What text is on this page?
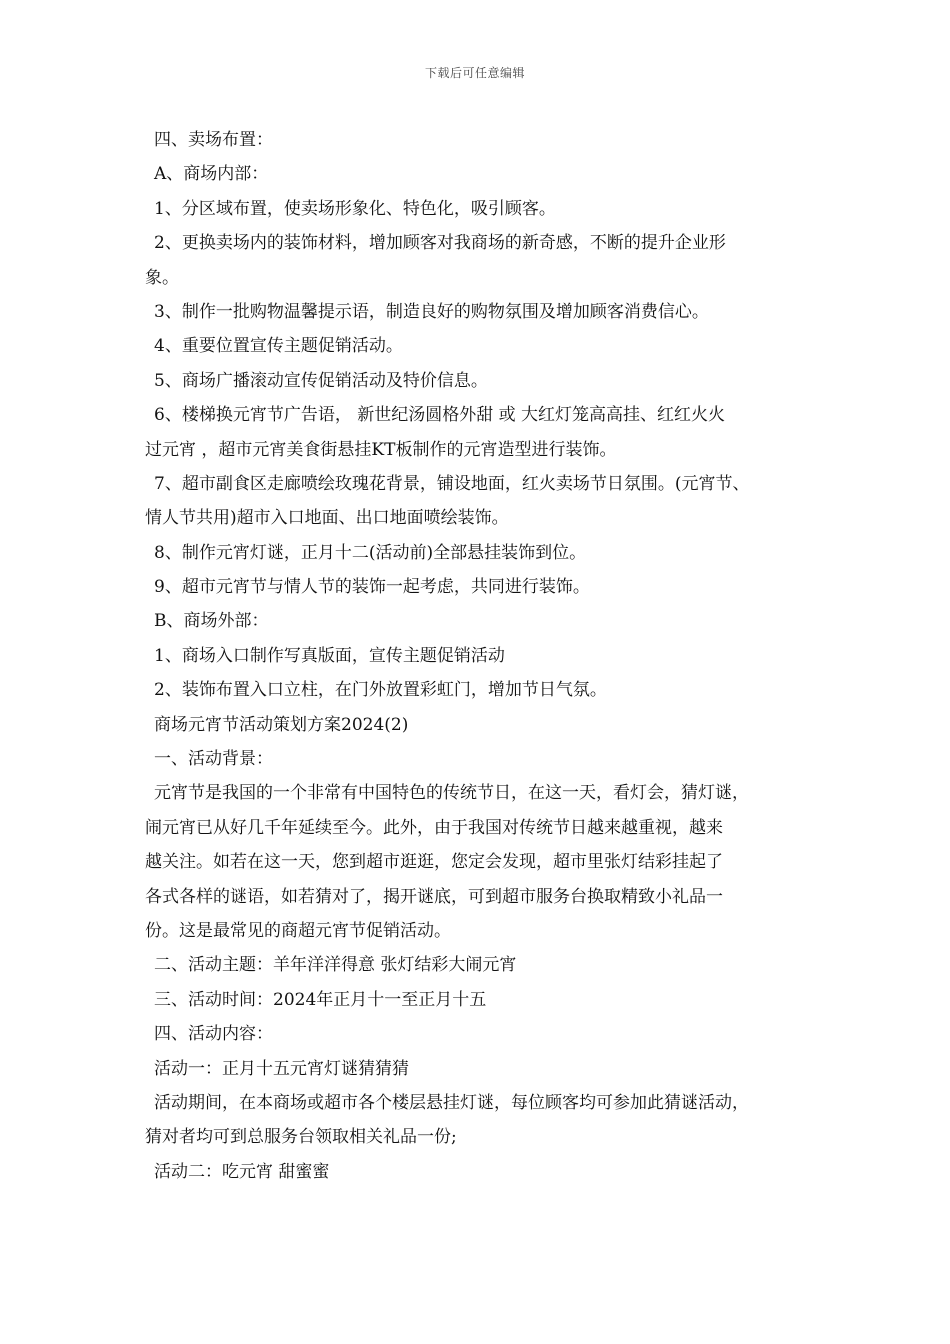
下载后可任意编辑

四、卖场布置：

A、商场内部：

1、分区域布置，使卖场形象化、特色化，吸引顾客。

2、更换卖场内的装饰材料，增加顾客对我商场的新奇感，不断的提升企业形

象。

3、制作一批购物温馨提示语，制造良好的购物氛围及增加顾客消费信心。

4、重要位置宣传主题促销活动。

5、商场广播滚动宣传促销活动及特价信息。

6、楼梯换元宵节广告语， 新世纪汤圆格外甜 或 大红灯笼高高挂、红红火火

过元宵 ，超市元宵美食街悬挂KT板制作的元宵造型进行装饰。

7、超市副食区走廊喷绘玫瑰花背景，铺设地面，红火卖场节日氛围。(元宵节、

情人节共用)超市入口地面、出口地面喷绘装饰。

8、制作元宵灯谜，正月十二(活动前)全部悬挂装饰到位。

9、超市元宵节与情人节的装饰一起考虑，共同进行装饰。

B、商场外部：

1、商场入口制作写真版面，宣传主题促销活动

2、装饰布置入口立柱，在门外放置彩虹门，增加节日气氛。

商场元宵节活动策划方案2024(2)

一、活动背景：

元宵节是我国的一个非常有中国特色的传统节日，在这一天，看灯会，猜灯谜，

闹元宵已从好几千年延续至今。此外，由于我国对传统节日越来越重视，越来

越关注。如若在这一天，您到超市逛逛，您定会发现，超市里张灯结彩挂起了

各式各样的谜语，如若猜对了，揭开谜底，可到超市服务台换取精致小礼品一

份。这是最常见的商超元宵节促销活动。

二、活动主题：羊年洋洋得意 张灯结彩大闹元宵

三、活动时间：2024年正月十一至正月十五

四、活动内容：

活动一：正月十五元宵灯谜猜猜猜

活动期间，在本商场或超市各个楼层悬挂灯谜，每位顾客均可参加此猜谜活动，

猜对者均可到总服务台领取相关礼品一份;

活动二：吃元宵 甜蜜蜜
